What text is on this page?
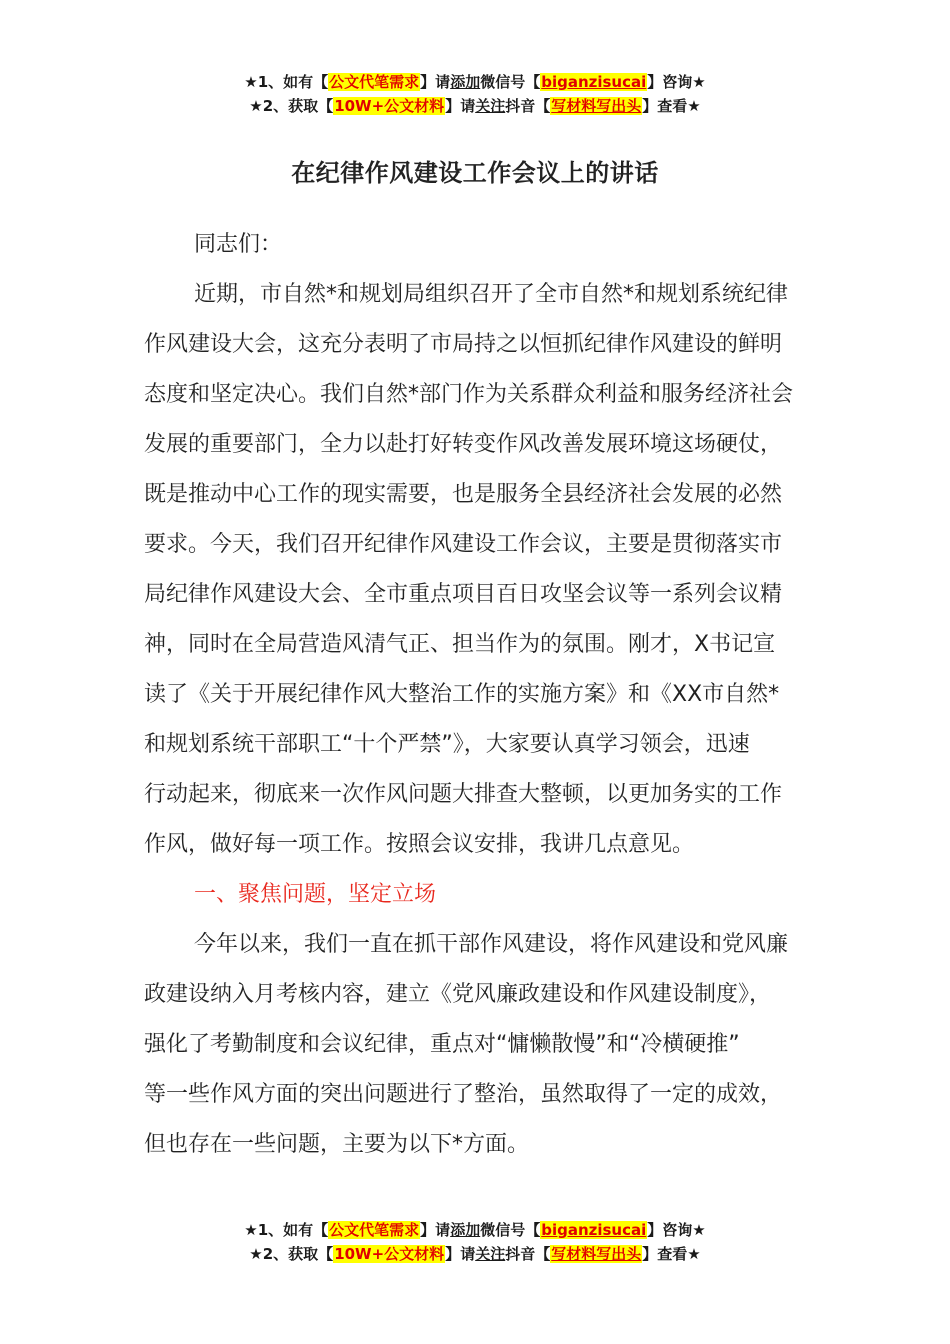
★1、如有【公文代笔需求】请添加微信号【biganzisucai】咨询★
★2、获取【10W+公文材料】请关注抖音【写材料写出头】查看★
在纪律作风建设工作会议上的讲话
同志们：
近期，市自然*和规划局组织召开了全市自然*和规划系统纪律
作风建设大会，这充分表明了市局持之以恒抓纪律作风建设的鲜明
态度和坚定决心。我们自然*部门作为关系群众利益和服务经济社会
发展的重要部门，全力以赴打好转变作风改善发展环境这场硬仗，
既是推动中心工作的现实需要，也是服务全县经济社会发展的必然
要求。今天，我们召开纪律作风建设工作会议，主要是贯彻落实市
局纪律作风建设大会、全市重点项目百日攻坚会议等一系列会议精
神，同时在全局营造风清气正、担当作为的氛围。刚才，X书记宣
读了《关于开展纪律作风大整治工作的实施方案》和《XX市自然*
和规划系统干部职工“十个严禁”》，大家要认真学习领会，迅速
行动起来，彻底来一次作风问题大排查大整顿，以更加务实的工作
作风，做好每一项工作。按照会议安排，我讲几点意见。
一、聚焦问题，坚定立场
今年以来，我们一直在抓干部作风建设，将作风建设和党风廉
政建设纳入月考核内容，建立《党风廉政建设和作风建设制度》，
强化了考勤制度和会议纪律，重点对“慵懒散慢”和“冷横硬推”
等一些作风方面的突出问题进行了整治，虽然取得了一定的成效，
但也存在一些问题，主要为以下*方面。
★1、如有【公文代笔需求】请添加微信号【biganzisucai】咨询★
★2、获取【10W+公文材料】请关注抖音【写材料写出头】查看★
